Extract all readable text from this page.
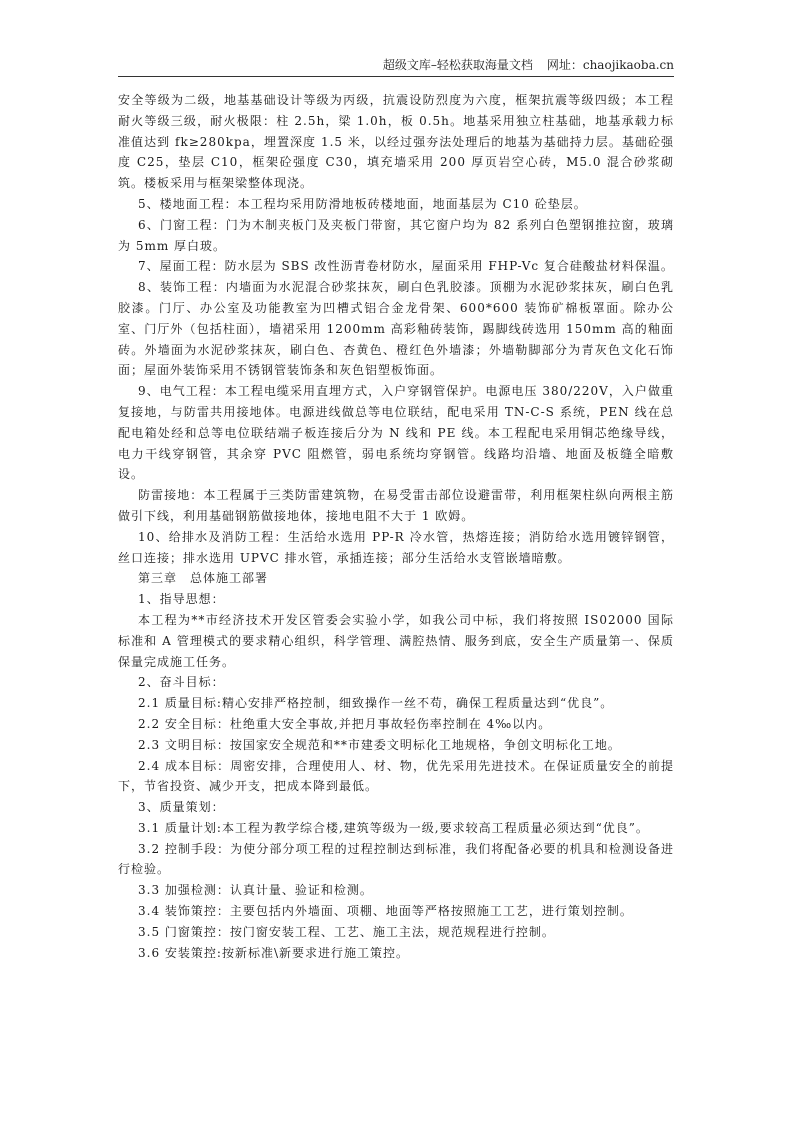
超级文库–轻松获取海量文档 网址：chaojikaoba.cn

安全等级为二级，地基基础设计等级为丙级，抗震设防烈度为六度，框架抗震等级四级；本工程耐火等级三级，耐火极限：柱 2.5h，梁 1.0h，板 0.5h。地基采用独立柱基础，地基承载力标准值达到 fk≥280kpa，埋置深度 1.5 米，以经过强夯法处理后的地基为基础持力层。基础砼强度 C25，垫层 C10，框架砼强度 C30，填充墙采用 200 厚页岩空心砖，M5.0 混合砂浆砌筑。楼板采用与框架梁整体现浇。

5、楼地面工程：本工程均采用防滑地板砖楼地面，地面基层为 C10 砼垫层。

6、门窗工程：门为木制夹板门及夹板门带窗，其它窗户均为 82 系列白色塑钢推拉窗，玻璃为 5mm 厚白玻。

7、屋面工程：防水层为 SBS 改性沥青卷材防水，屋面采用 FHP-Vc 复合硅酸盐材料保温。

8、装饰工程：内墙面为水泥混合砂浆抹灰，刷白色乳胶漆。顶棚为水泥砂浆抹灰，刷白色乳胶漆。门厅、办公室及功能教室为凹槽式铝合金龙骨架、600*600 装饰矿棉板罩面。除办公室、门厅外（包括柱面），墙裙采用 1200mm 高彩釉砖装饰，踢脚线砖选用 150mm 高的釉面砖。外墙面为水泥砂浆抹灰，刷白色、杏黄色、橙红色外墙漆；外墙勒脚部分为青灰色文化石饰面；屋面外装饰采用不锈钢管装饰条和灰色铝塑板饰面。

9、电气工程：本工程电缆采用直埋方式，入户穿钢管保护。电源电压 380/220V，入户做重复接地，与防雷共用接地体。电源进线做总等电位联结，配电采用 TN-C-S 系统，PEN 线在总配电箱处经和总等电位联结端子板连接后分为 N 线和 PE 线。本工程配电采用铜芯绝缘导线，电力干线穿钢管，其余穿 PVC 阻燃管，弱电系统均穿钢管。线路均沿墙、地面及板缝全暗敷设。

防雷接地：本工程属于三类防雷建筑物，在易受雷击部位设避雷带，利用框架柱纵向两根主筋做引下线，利用基础钢筋做接地体，接地电阻不大于 1 欧姆。

10、给排水及消防工程：生活给水选用 PP-R 冷水管，热熔连接；消防给水选用镀锌钢管，丝口连接；排水选用 UPVC 排水管，承插连接；部分生活给水支管嵌墙暗敷。

第三章　总体施工部署

1、指导思想：

本工程为**市经济技术开发区管委会实验小学，如我公司中标，我们将按照 IS02000 国际标准和 A 管理模式的要求精心组织，科学管理、满腔热情、服务到底，安全生产质量第一、保质保量完成施工任务。

2、奋斗目标：

2.1 质量目标:精心安排严格控制，细致操作一丝不苟，确保工程质量达到“优良”。

2.2 安全目标：杜绝重大安全事故,并把月事故轻伤率控制在 4‰以内。

2.3 文明目标：按国家安全规范和**市建委文明标化工地规格，争创文明标化工地。

2.4 成本目标：周密安排，合理使用人、材、物，优先采用先进技术。在保证质量安全的前提下，节省投资、减少开支，把成本降到最低。

3、质量策划：

3.1 质量计划:本工程为教学综合楼,建筑等级为一级,要求较高工程质量必须达到“优良”。

3.2 控制手段：为使分部分项工程的过程控制达到标准，我们将配备必要的机具和检测设备进行检验。

3.3 加强检测：认真计量、验证和检测。

3.4 装饰策控：主要包括内外墙面、项棚、地面等严格按照施工工艺，进行策划控制。

3.5 门窗策控：按门窗安装工程、工艺、施工主法，规范规程进行控制。

3.6 安装策控:按新标准\新要求进行施工策控。
